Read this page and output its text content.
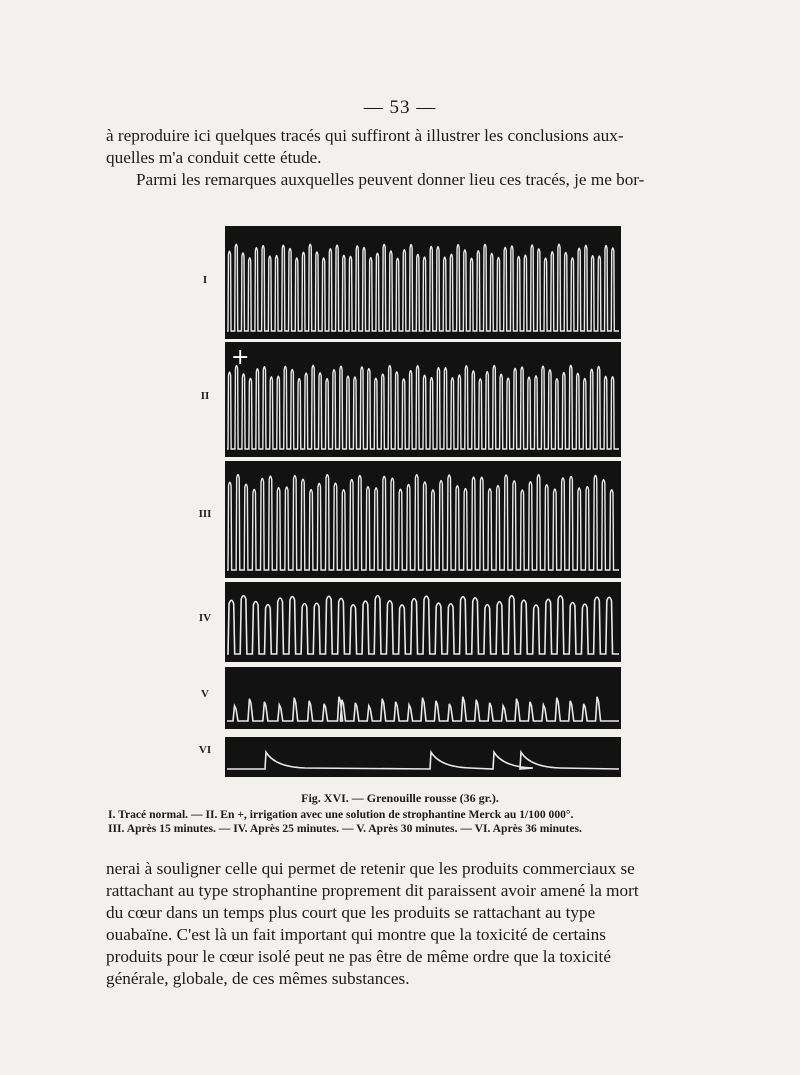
— 53 —

à reproduire ici quelques tracés qui suffiront à illustrer les conclusions aux-

quelles m'a conduit cette étude.

Parmi les remarques auxquelles peuvent donner lieu ces tracés, je me bor-

I
II
III
IV
V
VI
+
Fig. XVI. — Grenouille rousse (36 gr.).
I. Tracé normal. — II. En +, irrigation avec une solution de strophantine Merck au 1/100 000°.
III. Après 15 minutes. — IV. Après 25 minutes. — V. Après 30 minutes. — VI. Après 36 minutes.

nerai à souligner celle qui permet de retenir que les produits commerciaux se

rattachant au type strophantine proprement dit paraissent avoir amené la mort

du cœur dans un temps plus court que les produits se rattachant au type

ouabaïne. C'est là un fait important qui montre que la toxicité de certains

produits pour le cœur isolé peut ne pas être de même ordre que la toxicité

générale, globale, de ces mêmes substances.
